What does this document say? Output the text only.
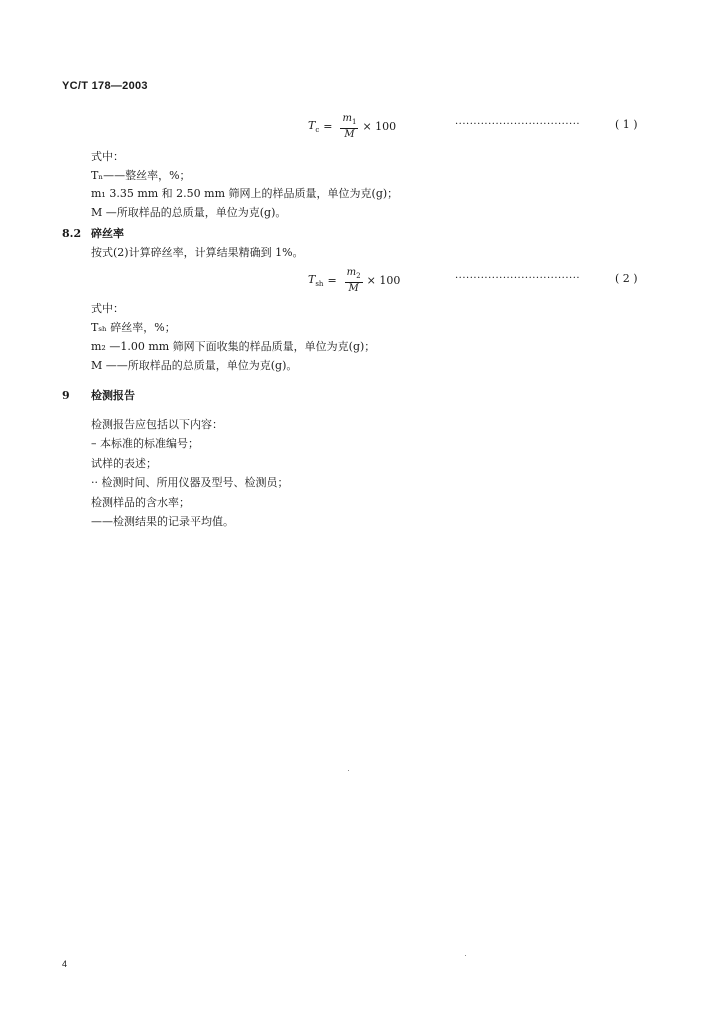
YC/T 178—2003
$T_c = \frac{m_1}{M} \times 100$	··································	( 1 )
式中：
Tₙ——整丝率，%；
m₁ 3.35 mm 和 2.50 mm 筛网上的样品质量，单位为克(g)；
M —所取样品的总质量，单位为克(g)。
8.2 碎丝率
按式(2)计算碎丝率，计算结果精确到 1%。
$T_{sh} = \frac{m_2}{M} \times 100$	··································	( 2 )
式中：
Tₛₕ 碎丝率，%；
m₂ —1.00 mm 筛网下面收集的样品质量，单位为克(g)；
M ——所取样品的总质量，单位为克(g)。
9 检测报告
检测报告应包括以下内容：
– 本标准的标准编号；
试样的表述；
·· 检测时间、所用仪器及型号、检测员；
检测样品的含水率；
——检测结果的记录平均值。
4
